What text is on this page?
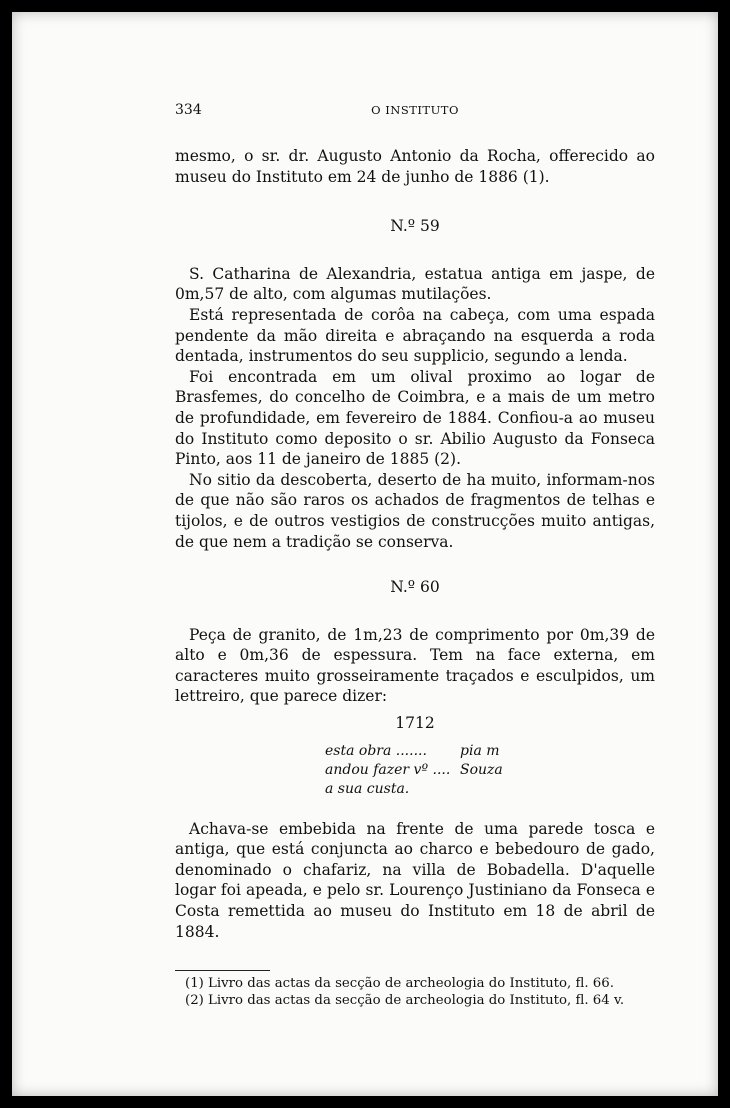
334	O INSTITUTO

mesmo, o sr. dr. Augusto Antonio da Rocha, offerecido ao museu do Instituto em 24 de junho de 1886 (1).

N.º 59

S. Catharina de Alexandria, estatua antiga em jaspe, de 0m,57 de alto, com algumas mutilações.

Está representada de corôa na cabeça, com uma espada pendente da mão direita e abraçando na esquerda a roda dentada, instrumentos do seu supplicio, segundo a lenda.

Foi encontrada em um olival proximo ao logar de Brasfemes, do concelho de Coimbra, e a mais de um metro de profundidade, em fevereiro de 1884. Confiou-a ao museu do Instituto como deposito o sr. Abilio Augusto da Fonseca Pinto, aos 11 de janeiro de 1885 (2).

No sitio da descoberta, deserto de ha muito, informam-nos de que não são raros os achados de fragmentos de telhas e tijolos, e de outros vestigios de construcções muito antigas, de que nem a tradição se conserva.

N.º 60

Peça de granito, de 1m,23 de comprimento por 0m,39 de alto e 0m,36 de espessura. Tem na face externa, em caracteres muito grosseiramente traçados e esculpidos, um lettreiro, que parece dizer:

1712
esta obra .......	pia m
andou fazer vº .... Souza
a sua custa.

Achava-se embebida na frente de uma parede tosca e antiga, que está conjuncta ao charco e bebedouro de gado, denominado o chafariz, na villa de Bobadella. D'aquelle logar foi apeada, e pelo sr. Lourenço Justiniano da Fonseca e Costa remettida ao museu do Instituto em 18 de abril de 1884.

(1) Livro das actas da secção de archeologia do Instituto, fl. 66.
(2) Livro das actas da secção de archeologia do Instituto, fl. 64 v.
